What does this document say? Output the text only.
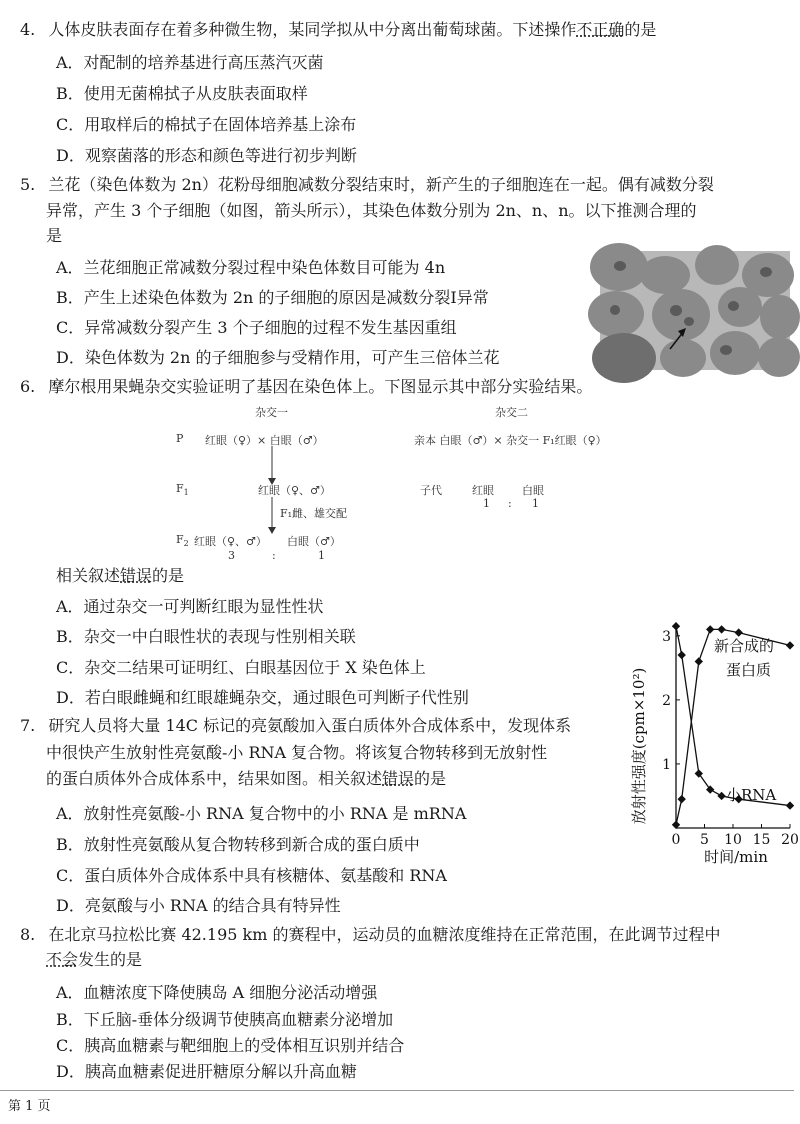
4. 人体皮肤表面存在着多种微生物，某同学拟从中分离出葡萄球菌。下述操作不正确的是
A．对配制的培养基进行高压蒸汽灭菌
B．使用无菌棉拭子从皮肤表面取样
C．用取样后的棉拭子在固体培养基上涂布
D．观察菌落的形态和颜色等进行初步判断
5. 兰花（染色体数为 2n）花粉母细胞减数分裂结束时，新产生的子细胞连在一起。偶有减数分裂
异常，产生 3 个子细胞（如图，箭头所示），其染色体数分别为 2n、n、n。以下推测合理的
是
A．兰花细胞正常减数分裂过程中染色体数目可能为 4n
B．产生上述染色体数为 2n 的子细胞的原因是减数分裂Ⅰ异常
C．异常减数分裂产生 3 个子细胞的过程不发生基因重组
D．染色体数为 2n 的子细胞参与受精作用，可产生三倍体兰花
6. 摩尔根用果蝇杂交实验证明了基因在染色体上。下图显示其中部分实验结果。
杂交一
P 红眼（♀）× 白眼（♂）
$F_1$	红眼（♀、♂）
F₁雌、雄交配
$F_2$ 红眼（♀、♂） 白眼（♂）
3	:	1
杂交二
亲本 白眼（♂）× 杂交一 F₁红眼（♀）
子代	红眼	白眼
1 : 1
相关叙述错误的是
A．通过杂交一可判断红眼为显性性状
B．杂交一中白眼性状的表现与性别相关联
C．杂交二结果可证明红、白眼基因位于 X 染色体上
D．若白眼雌蝇和红眼雄蝇杂交，通过眼色可判断子代性别
7. 研究人员将大量 14C 标记的亮氨酸加入蛋白质体外合成体系中，发现体系
中很快产生放射性亮氨酸-小 RNA 复合物。将该复合物转移到无放射性
的蛋白质体外合成体系中，结果如图。相关叙述错误的是
A．放射性亮氨酸-小 RNA 复合物中的小 RNA 是 mRNA
B．放射性亮氨酸从复合物转移到新合成的蛋白质中
C．蛋白质体外合成体系中具有核糖体、氨基酸和 RNA
D．亮氨酸与小 RNA 的结合具有特异性
放射性强度(cpm×10²)
0 5 10 15 20
1
2
3
新合成的
蛋白质
小RNA
时间/min
8. 在北京马拉松比赛 42.195 km 的赛程中，运动员的血糖浓度维持在正常范围，在此调节过程中
不会发生的是
A．血糖浓度下降使胰岛 A 细胞分泌活动增强
B．下丘脑-垂体分级调节使胰高血糖素分泌增加
C．胰高血糖素与靶细胞上的受体相互识别并结合
D．胰高血糖素促进肝糖原分解以升高血糖
第 1 页
